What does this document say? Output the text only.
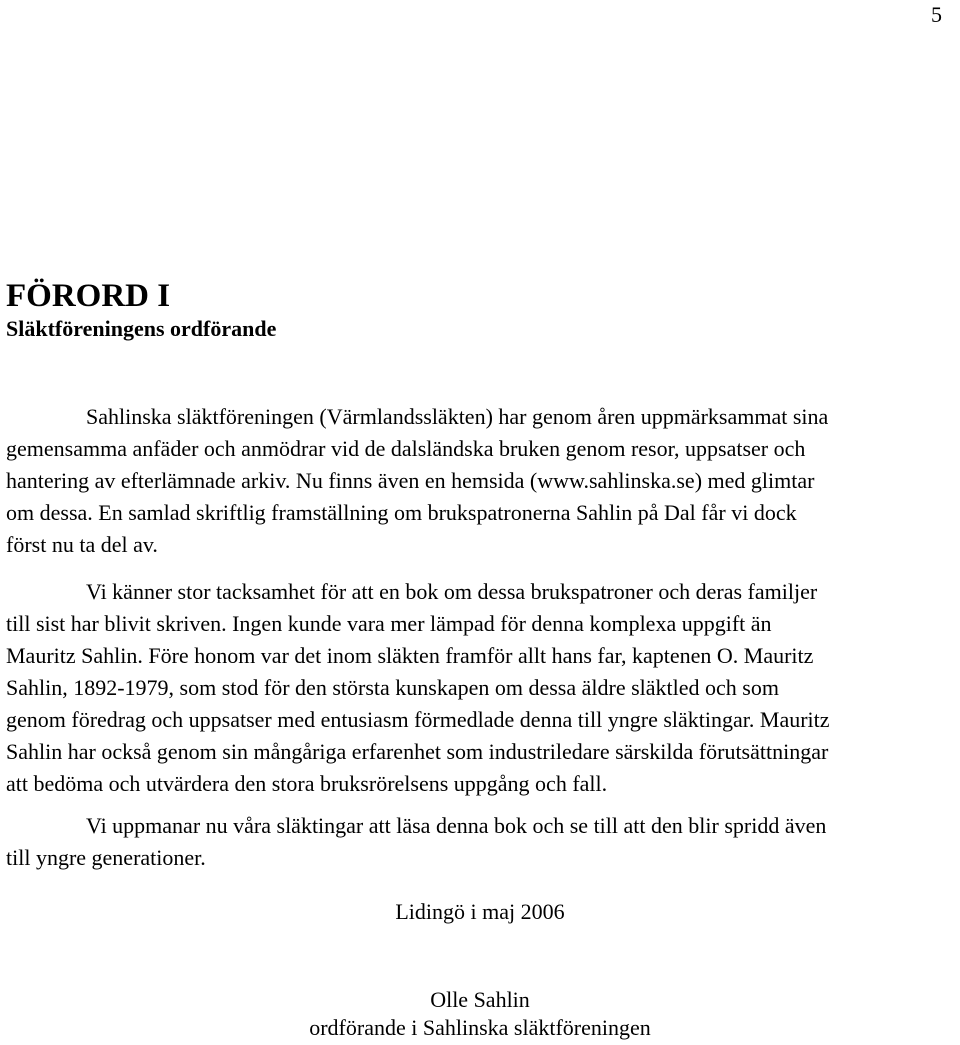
5
FÖRORD I
Släktföreningens ordförande

Sahlinska släktföreningen (Värmlandssläkten) har genom åren uppmärksammat sina
gemensamma anfäder och anmödrar vid de dalsländska bruken genom resor, uppsatser och
hantering av efterlämnade arkiv. Nu finns även en hemsida (www.sahlinska.se) med glimtar
om dessa. En samlad skriftlig framställning om brukspatronerna Sahlin på Dal får vi dock
först nu ta del av.

Vi känner stor tacksamhet för att en bok om dessa brukspatroner och deras familjer
till sist har blivit skriven. Ingen kunde vara mer lämpad för denna komplexa uppgift än
Mauritz Sahlin. Före honom var det inom släkten framför allt hans far, kaptenen O. Mauritz
Sahlin, 1892-1979, som stod för den största kunskapen om dessa äldre släktled och som
genom föredrag och uppsatser med entusiasm förmedlade denna till yngre släktingar. Mauritz
Sahlin har också genom sin mångåriga erfarenhet som industriledare särskilda förutsättningar
att bedöma och utvärdera den stora bruksrörelsens uppgång och fall.

Vi uppmanar nu våra släktingar att läsa denna bok och se till att den blir spridd även
till yngre generationer.

Lidingö i maj 2006

Olle Sahlin

ordförande i Sahlinska släktföreningen
